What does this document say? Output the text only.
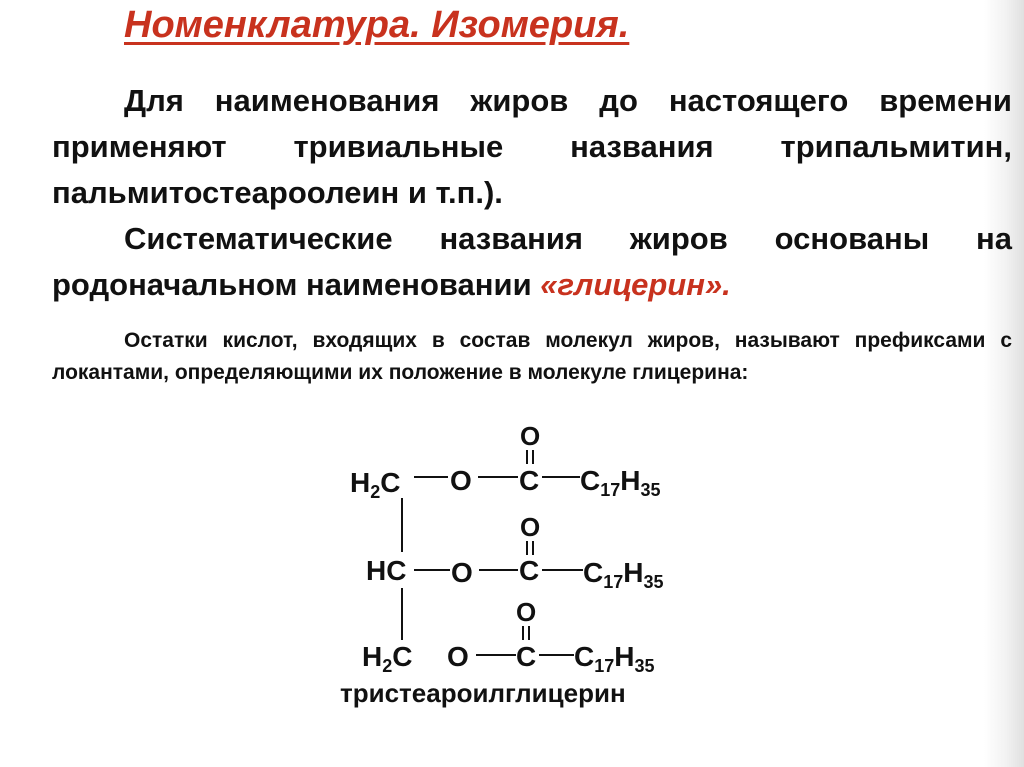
Номенклатура. Изомерия.

Для наименования жиров до настоящего времени применяют тривиальные названия трипальмитин, пальмитостеароолеин и т.п.).

Систематические названия жиров основаны на родоначальном наименовании «глицерин».

Остатки кислот, входящих в состав молекул жиров, называют префиксами с локантами, определяющими их положение в молекуле глицерина:

O
$H_2C$ O C $C_{17}H_{35}$
O
HC O C $C_{17}H_{35}$
O
$H_2C$ O C $C_{17}H_{35}$
тристеароилглицерин
